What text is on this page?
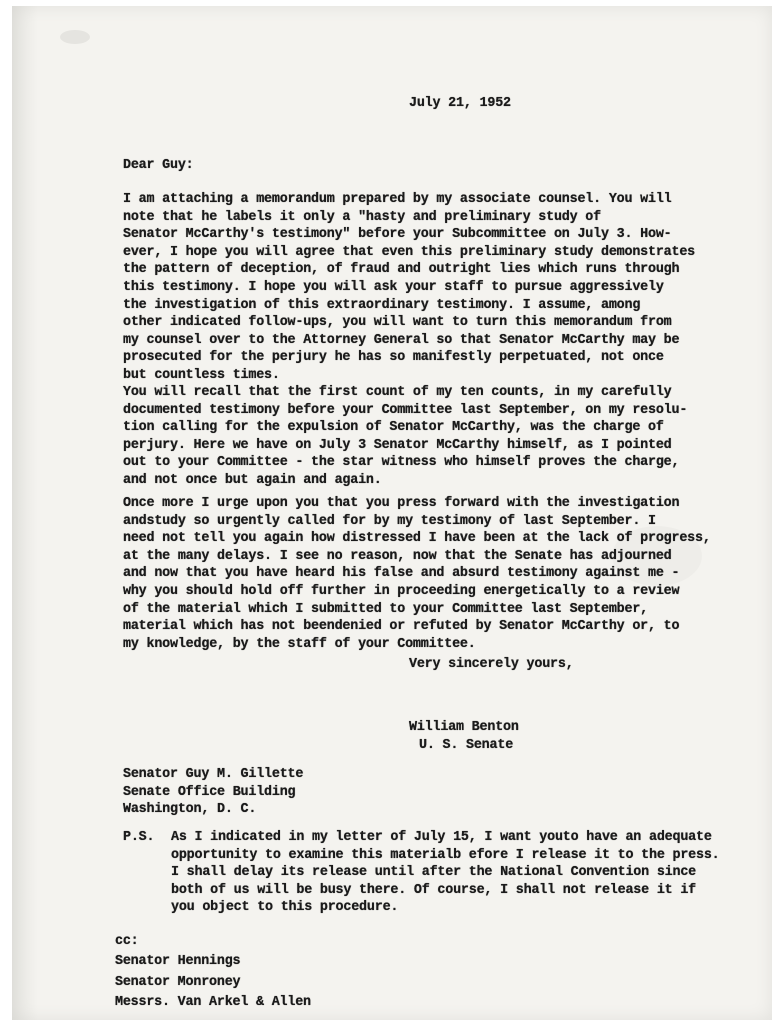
July 21, 1952
Dear Guy:
I am attaching a memorandum prepared by my associate counsel. You will
note that he labels it only a "hasty and preliminary study of
Senator McCarthy's testimony" before your Subcommittee on July 3. How-
ever, I hope you will agree that even this preliminary study demonstrates
the pattern of deception, of fraud and outright lies which runs through
this testimony. I hope you will ask your staff to pursue aggressively
the investigation of this extraordinary testimony. I assume, among
other indicated follow-ups, you will want to turn this memorandum from
my counsel over to the Attorney General so that Senator McCarthy may be
prosecuted for the perjury he has so manifestly perpetuated, not once
but countless times.
You will recall that the first count of my ten counts, in my carefully
documented testimony before your Committee last September, on my resolu-
tion calling for the expulsion of Senator McCarthy, was the charge of
perjury. Here we have on July 3 Senator McCarthy himself, as I pointed
out to your Committee - the star witness who himself proves the charge,
and not once but again and again.
Once more I urge upon you that you press forward with the investigation
andstudy so urgently called for by my testimony of last September. I
need not tell you again how distressed I have been at the lack of progress,
at the many delays. I see no reason, now that the Senate has adjourned
and now that you have heard his false and absurd testimony against me -
why you should hold off further in proceeding energetically to a review
of the material which I submitted to your Committee last September,
material which has not beendenied or refuted by Senator McCarthy or, to
my knowledge, by the staff of your Committee.
Very sincerely yours,
William Benton
U. S. Senate
Senator Guy M. Gillette
Senate Office Building
Washington, D. C.
P.S. As I indicated in my letter of July 15, I want youto have an adequate
opportunity to examine this materialb efore I release it to the press.
I shall delay its release until after the National Convention since
both of us will be busy there. Of course, I shall not release it if
you object to this procedure.
cc:
Senator Hennings
Senator Monroney
Messrs. Van Arkel & Allen
